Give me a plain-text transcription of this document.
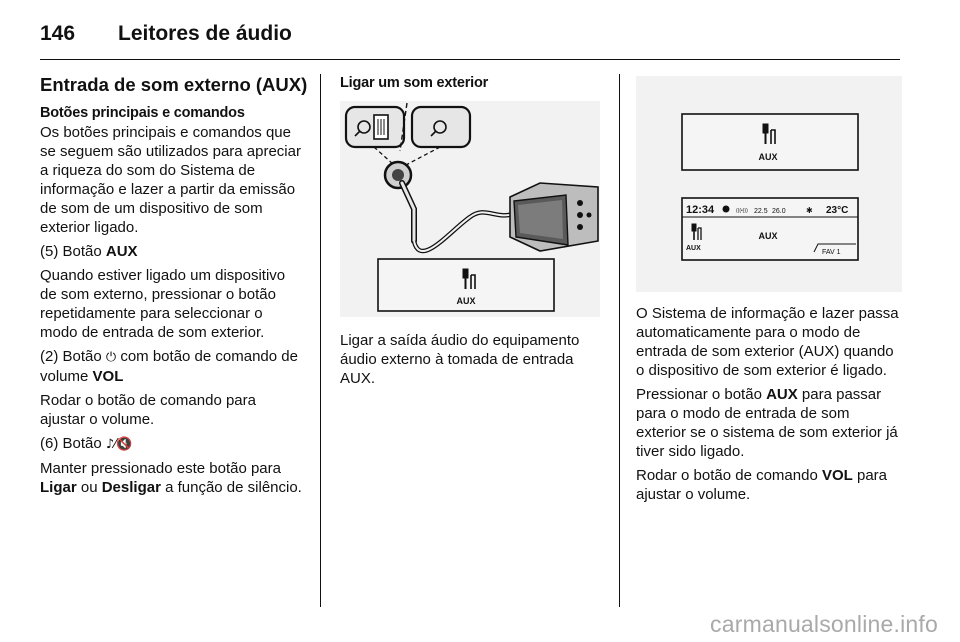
146 Leitores de áudio
Entrada de som externo (AUX)
Botões principais e comandos

Os botões principais e comandos que se seguem são utilizados para apreciar a riqueza do som do Sistema de informação e lazer a partir da emissão de som de um dispositivo de som exterior ligado.

(5) Botão AUX

Quando estiver ligado um dispositivo de som externo, pressionar o botão repetidamente para seleccionar o modo de entrada de som exterior.

(2) Botão ⏻ com botão de comando de volume VOL

Rodar o botão de comando para ajustar o volume.

(6) Botão ♪⁄🔇

Manter pressionado este botão para Ligar ou Desligar a função de silêncio.

Ligar um som exterior
AUX

Ligar a saída áudio do equipamento áudio externo à tomada de entrada AUX.

AUX
12:34	(((•))) 22.5 26.0	✱ 23°C
AUX
AUX
FAV 1

O Sistema de informação e lazer passa automaticamente para o modo de entrada de som exterior (AUX) quando o dispositivo de som exterior é ligado.

Pressionar o botão AUX para passar para o modo de entrada de som exterior se o sistema de som exterior já tiver sido ligado.

Rodar o botão de comando VOL para ajustar o volume.

carmanualsonline.info
